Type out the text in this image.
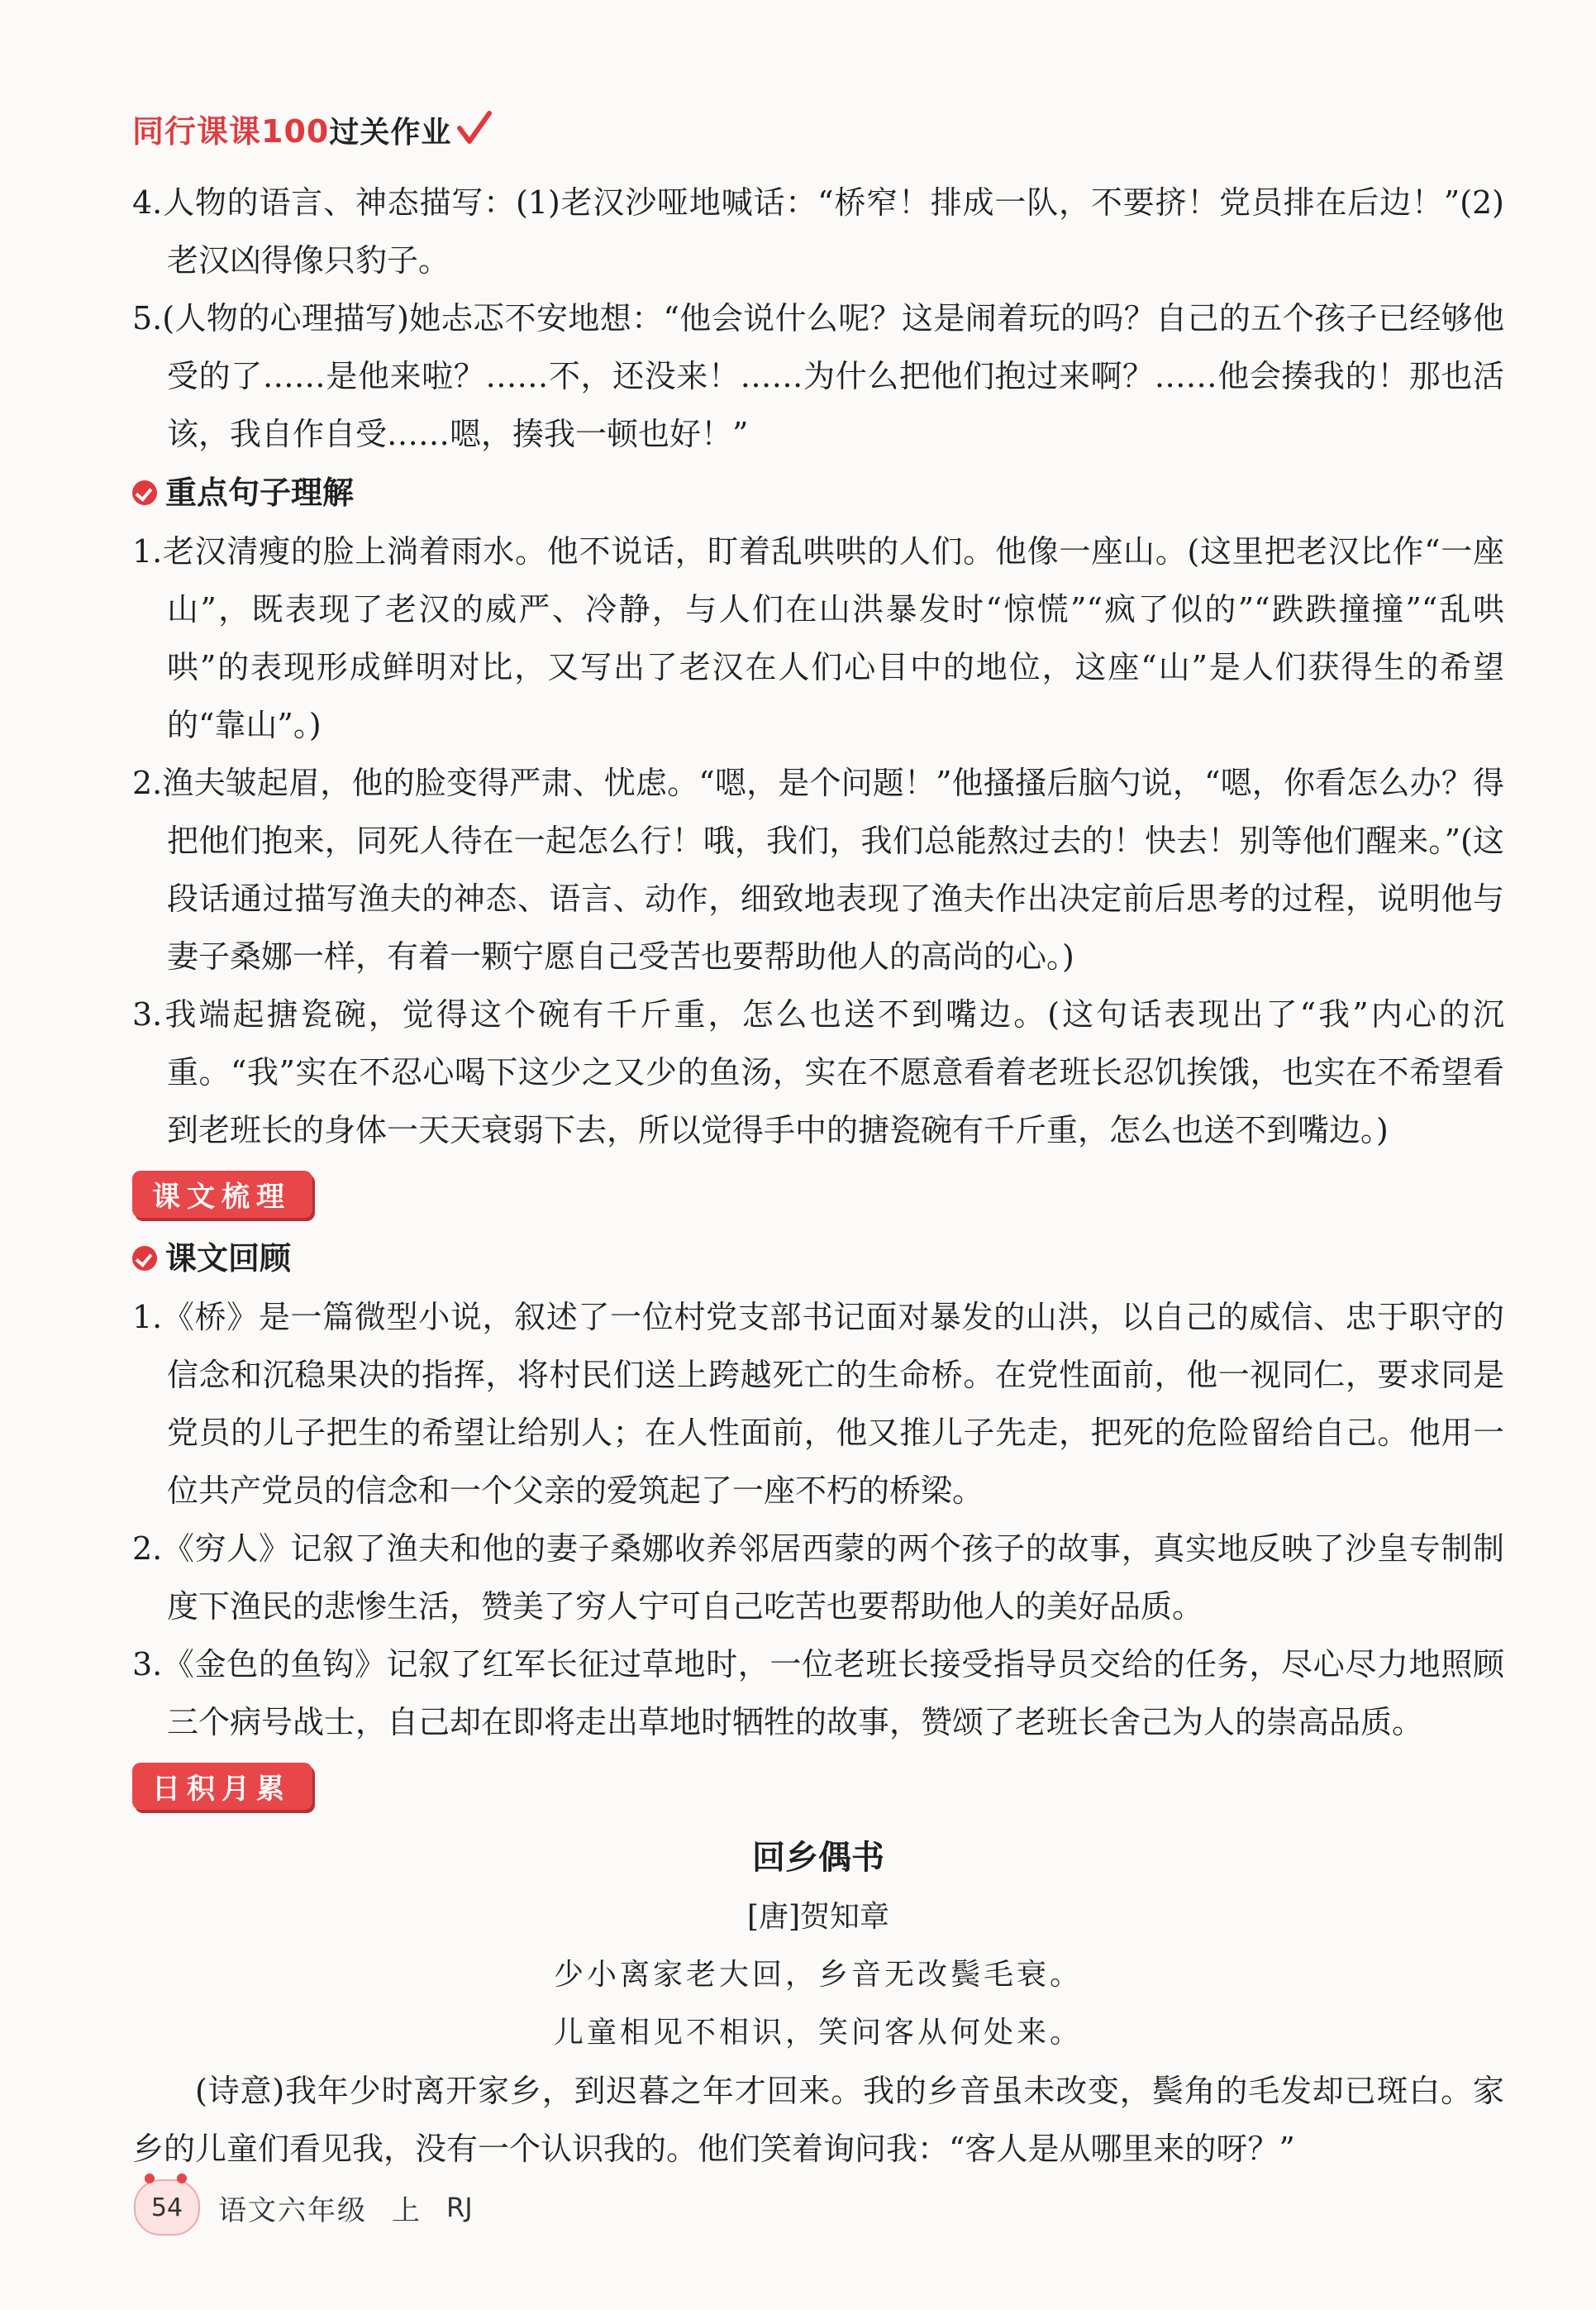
同行课课100过关作业

4.人物的语言、神态描写：(1)老汉沙哑地喊话：“桥窄！排成一队，不要挤！党员排在后边！”(2)老汉凶得像只豹子。

5.(人物的心理描写)她忐忑不安地想：“他会说什么呢？这是闹着玩的吗？自己的五个孩子已经够他受的了……是他来啦？……不，还没来！……为什么把他们抱过来啊？……他会揍我的！那也活该，我自作自受……嗯，揍我一顿也好！”

重点句子理解

1.老汉清瘦的脸上淌着雨水。他不说话，盯着乱哄哄的人们。他像一座山。(这里把老汉比作“一座山”，既表现了老汉的威严、冷静，与人们在山洪暴发时“惊慌”“疯了似的”“跌跌撞撞”“乱哄哄”的表现形成鲜明对比，又写出了老汉在人们心目中的地位，这座“山”是人们获得生的希望的“靠山”。)

2.渔夫皱起眉，他的脸变得严肃、忧虑。“嗯，是个问题！”他搔搔后脑勺说，“嗯，你看怎么办？得把他们抱来，同死人待在一起怎么行！哦，我们，我们总能熬过去的！快去！别等他们醒来。”(这段话通过描写渔夫的神态、语言、动作，细致地表现了渔夫作出决定前后思考的过程，说明他与妻子桑娜一样，有着一颗宁愿自己受苦也要帮助他人的高尚的心。)

3.我端起搪瓷碗，觉得这个碗有千斤重，怎么也送不到嘴边。(这句话表现出了“我”内心的沉重。“我”实在不忍心喝下这少之又少的鱼汤，实在不愿意看着老班长忍饥挨饿，也实在不希望看到老班长的身体一天天衰弱下去，所以觉得手中的搪瓷碗有千斤重，怎么也送不到嘴边。)

课文梳理
课文回顾

1.《桥》是一篇微型小说，叙述了一位村党支部书记面对暴发的山洪，以自己的威信、忠于职守的信念和沉稳果决的指挥，将村民们送上跨越死亡的生命桥。在党性面前，他一视同仁，要求同是党员的儿子把生的希望让给别人；在人性面前，他又推儿子先走，把死的危险留给自己。他用一位共产党员的信念和一个父亲的爱筑起了一座不朽的桥梁。

2.《穷人》记叙了渔夫和他的妻子桑娜收养邻居西蒙的两个孩子的故事，真实地反映了沙皇专制制度下渔民的悲惨生活，赞美了穷人宁可自己吃苦也要帮助他人的美好品质。

3.《金色的鱼钩》记叙了红军长征过草地时，一位老班长接受指导员交给的任务，尽心尽力地照顾三个病号战士，自己却在即将走出草地时牺牲的故事，赞颂了老班长舍己为人的崇高品质。

日积月累
回乡偶书
[唐]贺知章
少小离家老大回，乡音无改鬓毛衰。
儿童相见不相识，笑问客从何处来。

(诗意)我年少时离开家乡，到迟暮之年才回来。我的乡音虽未改变，鬓角的毛发却已斑白。家乡的儿童们看见我，没有一个认识我的。他们笑着询问我：“客人是从哪里来的呀？”

● ●
54 语文六年级 上 RJ
